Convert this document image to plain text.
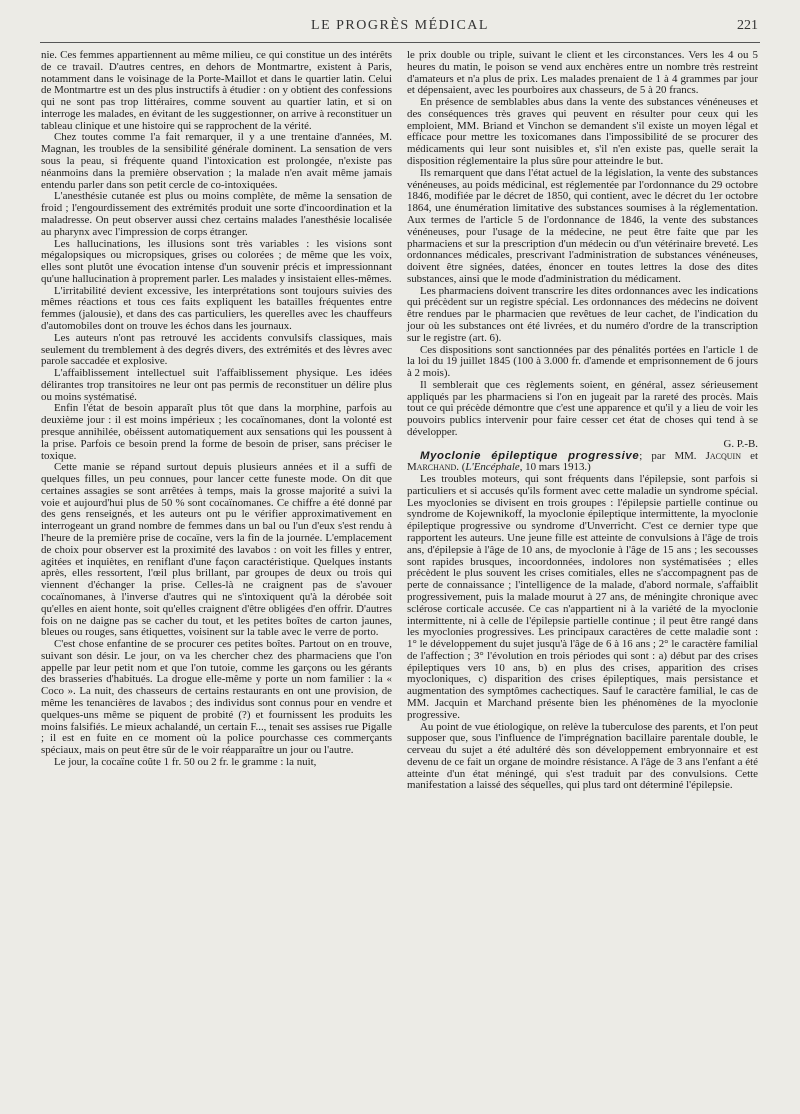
LE PROGRÈS MÉDICAL	221

nie. Ces femmes appartiennent au même milieu, ce qui constitue un des intérêts de ce travail. D'autres centres, en dehors de Montmartre, existent à Paris, notamment dans le voisinage de la Porte-Maillot et dans le quartier latin. Celui de Montmartre est un des plus instructifs à étudier : on y obtient des confessions qui ne sont pas trop littéraires, comme souvent au quartier latin, et si on interroge les malades, en évitant de les suggestionner, on arrive à reconstituer un tableau clinique et une histoire qui se rapprochent de la vérité.

Chez toutes comme l'a fait remarquer, il y a une trentaine d'années, M. Magnan, les troubles de la sensibilité générale dominent. La sensation de vers sous la peau, si fréquente quand l'intoxication est prolongée, n'existe pas néanmoins dans la première observation ; la malade n'en avait même jamais entendu parler dans son petit cercle de co-intoxiquées.

L'anesthésie cutanée est plus ou moins complète, de même la sensation de froid ; l'engourdissement des extrémités produit une sorte d'incoordination et la maladresse. On peut observer aussi chez certains malades l'anesthésie localisée au pharynx avec l'impression de corps étranger.

Les hallucinations, les illusions sont très variables : les visions sont mégalopsiques ou micropsiques, grises ou colorées ; de même que les voix, elles sont plutôt une évocation intense d'un souvenir précis et impressionnant qu'une hallucination à proprement parler. Les malades y insistaient elles-mêmes.

L'irritabilité devient excessive, les interprétations sont toujours suivies des mêmes réactions et tous ces faits expliquent les batailles fréquentes entre femmes (jalousie), et dans des cas particuliers, les querelles avec les chauffeurs d'automobiles dont on trouve les échos dans les journaux.

Les auteurs n'ont pas retrouvé les accidents convulsifs classiques, mais seulement du tremblement à des degrés divers, des extrémités et des lèvres avec parole saccadée et explosive.

L'affaiblissement intellectuel suit l'affaiblissement physique. Les idées délirantes trop transitoires ne leur ont pas permis de reconstituer un délire plus ou moins systématisé.

Enfin l'état de besoin apparaît plus tôt que dans la morphine, parfois au deuxième jour : il est moins impérieux ; les cocaïnomanes, dont la volonté est presque annihilée, obéissent automatiquement aux sensations qui les poussent à la prise. Parfois ce besoin prend la forme de besoin de priser, sans préciser le toxique.

Cette manie se répand surtout depuis plusieurs années et il a suffi de quelques filles, un peu connues, pour lancer cette funeste mode. On dit que certaines assagies se sont arrêtées à temps, mais la grosse majorité a suivi la voie et aujourd'hui plus de 50 % sont cocaïnomanes. Ce chiffre a été donné par des gens renseignés, et les auteurs ont pu le vérifier approximativement en interrogeant un grand nombre de femmes dans un bal ou l'un d'eux s'est rendu à l'heure de la première prise de cocaïne, vers la fin de la journée. L'emplacement de choix pour observer est la proximité des lavabos : on voit les filles y entrer, agitées et inquiètes, en reniflant d'une façon caractéristique. Quelques instants après, elles ressortent, l'œil plus brillant, par groupes de deux ou trois qui viennent d'échanger la prise. Celles-là ne craignent pas de s'avouer cocaïnomanes, à l'inverse d'autres qui ne s'intoxiquent qu'à la dérobée soit qu'elles en aient honte, soit qu'elles craignent d'être obligées d'en offrir. D'autres fois on ne daigne pas se cacher du tout, et les petites boîtes de carton jaunes, bleues ou rouges, sans étiquettes, voisinent sur la table avec le verre de porto.

C'est chose enfantine de se procurer ces petites boîtes. Partout on en trouve, suivant son désir. Le jour, on va les chercher chez des pharmaciens que l'on appelle par leur petit nom et que l'on tutoie, comme les garçons ou les gérants des brasseries d'habitués. La drogue elle-même y porte un nom familier : la « Coco ». La nuit, des chasseurs de certains restaurants en ont une provision, de même les tenancières de lavabos ; des individus sont connus pour en vendre et quelques-uns même se piquent de probité (?) et fournissent les produits les moins falsifiés. Le mieux achalandé, un certain F..., tenait ses assises rue Pigalle ; il est en fuite en ce moment où la police pourchasse ces commerçants spéciaux, mais on peut être sûr de le voir réapparaître un jour ou l'autre.

Le jour, la cocaïne coûte 1 fr. 50 ou 2 fr. le gramme : la nuit,

le prix double ou triple, suivant le client et les circonstances. Vers les 4 ou 5 heures du matin, le poison se vend aux enchères entre un nombre très restreint d'amateurs et n'a plus de prix. Les malades prenaient de 1 à 4 grammes par jour et dépensaient, avec les pourboires aux chasseurs, de 5 à 20 francs.

En présence de semblables abus dans la vente des substances vénéneuses et des conséquences très graves qui peuvent en résulter pour ceux qui les emploient, MM. Briand et Vinchon se demandent s'il existe un moyen légal et efficace pour mettre les toxicomanes dans l'impossibilité de se procurer des médicaments qui leur sont nuisibles et, s'il n'en existe pas, quelle serait la disposition réglementaire la plus sûre pour atteindre le but.

Ils remarquent que dans l'état actuel de la législation, la vente des substances vénéneuses, au poids médicinal, est réglementée par l'ordonnance du 29 octobre 1846, modifiée par le décret de 1850, qui contient, avec le décret du 1er octobre 1864, une énumération limitative des substances soumises à la réglementation. Aux termes de l'article 5 de l'ordonnance de 1846, la vente des substances vénéneuses, pour l'usage de la médecine, ne peut être faite que par les pharmaciens et sur la prescription d'un médecin ou d'un vétérinaire breveté. Les ordonnances médicales, prescrivant l'administration de substances vénéneuses, doivent être signées, datées, énoncer en toutes lettres la dose des dites substances, ainsi que le mode d'administration du médicament.

Les pharmaciens doivent transcrire les dites ordonnances avec les indications qui précèdent sur un registre spécial. Les ordonnances des médecins ne doivent être rendues par le pharmacien que revêtues de leur cachet, de l'indication du jour où les substances ont été livrées, et du numéro d'ordre de la transcription sur le registre (art. 6).

Ces dispositions sont sanctionnées par des pénalités portées en l'article 1 de la loi du 19 juillet 1845 (100 à 3.000 fr. d'amende et emprisonnement de 6 jours à 2 mois).

Il semblerait que ces règlements soient, en général, assez sérieusement appliqués par les pharmaciens si l'on en jugeait par la rareté des procès. Mais tout ce qui précède démontre que c'est une apparence et qu'il y a lieu de voir les pouvoirs publics intervenir pour faire cesser cet état de choses qui tend à se développer.

G. P.-B.

Myoclonie épileptique progressive; par MM. Jacquin et Marchand. (L'Encéphale, 10 mars 1913.)

Les troubles moteurs, qui sont fréquents dans l'épilepsie, sont parfois si particuliers et si accusés qu'ils forment avec cette maladie un syndrome spécial. Les myoclonies se divisent en trois groupes : l'épilepsie partielle continue ou syndrome de Kojewnikoff, la myoclonie épileptique intermittente, la myoclonie épileptique progressive ou syndrome d'Unverricht. C'est ce dernier type que rapportent les auteurs. Une jeune fille est atteinte de convulsions à l'âge de trois ans, d'épilepsie à l'âge de 10 ans, de myoclonie à l'âge de 15 ans ; les secousses sont rapides brusques, incoordonnées, indolores non systématisées ; elles précèdent le plus souvent les crises comitiales, elles ne s'accompagnent pas de perte de connaissance ; l'intelligence de la malade, d'abord normale, s'affaiblit progressivement, puis la malade mourut à 27 ans, de méningite chronique avec sclérose corticale accusée. Ce cas n'appartient ni à la variété de la myoclonie intermittente, ni à celle de l'épilepsie partielle continue ; il peut être rangé dans les myoclonies progressives. Les principaux caractères de cette maladie sont : 1° le développement du sujet jusqu'à l'âge de 6 à 16 ans ; 2° le caractère familial de l'affection ; 3° l'évolution en trois périodes qui sont : a) début par des crises épileptiques vers 10 ans, b) en plus des crises, apparition des crises myocloniques, c) disparition des crises épileptiques, mais persistance et augmentation des symptômes cachectiques. Sauf le caractère familial, le cas de MM. Jacquin et Marchand présente bien les phénomènes de la myoclonie progressive.

Au point de vue étiologique, on relève la tuberculose des parents, et l'on peut supposer que, sous l'influence de l'imprégnation bacillaire parentale double, le cerveau du sujet a été adultéré dès son développement embryonnaire et est devenu de ce fait un organe de moindre résistance. A l'âge de 3 ans l'enfant a été atteinte d'un état méningé, qui s'est traduit par des convulsions. Cette manifestation a laissé des séquelles, qui plus tard ont déterminé l'épilepsie.
